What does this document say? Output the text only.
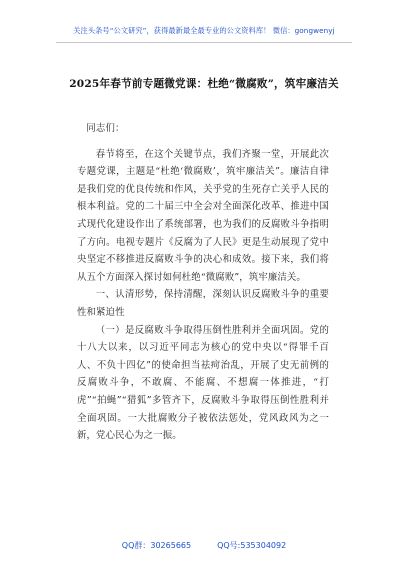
关注头条号“公文研究”，获得最新最全最专业的公文资料库！ 微信：gongwenyj
2025年春节前专题微党课：杜绝“微腐败”，筑牢廉洁关

同志们：

春节将至，在这个关键节点，我们齐聚一堂，开展此次专题党课，主题是“杜绝‘微腐败’，筑牢廉洁关”。廉洁自律是我们党的优良传统和作风，关乎党的生死存亡关乎人民的根本利益。党的二十届三中全会对全面深化改革、推进中国式现代化建设作出了系统部署，也为我们的反腐败斗争指明了方向。电视专题片《反腐为了人民》更是生动展现了党中央坚定不移推进反腐败斗争的决心和成效。接下来，我们将从五个方面深入探讨如何杜绝“微腐败”，筑牢廉洁关。

一、认清形势，保持清醒，深刻认识反腐败斗争的重要性和紧迫性

（一）是反腐败斗争取得压倒性胜利并全面巩固。党的十八大以来，以习近平同志为核心的党中央以“得罪千百人、不负十四亿”的使命担当祛疴治乱，开展了史无前例的反腐败斗争，不敢腐、不能腐、不想腐一体推进，“打虎”“拍蝇”“猎狐”多管齐下，反腐败斗争取得压倒性胜利并全面巩固。一大批腐败分子被依法惩处，党风政风为之一新，党心民心为之一振。

QQ群：30265665	QQ号:535304092
